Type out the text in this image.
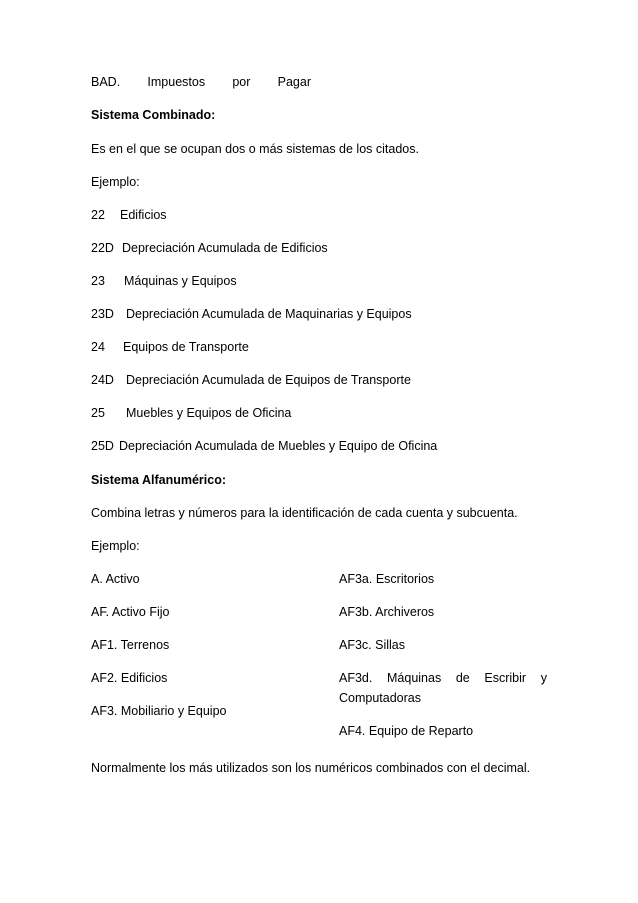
BAD. Impuestos por Pagar
Sistema Combinado:
Es en el que se ocupan dos o más sistemas de los citados.
Ejemplo:
22 Edificios
22D Depreciación Acumulada de Edificios
23 Máquinas y Equipos
23D Depreciación Acumulada de Maquinarias y Equipos
24 Equipos de Transporte
24D Depreciación Acumulada de Equipos de Transporte
25 Muebles y Equipos de Oficina
25D Depreciación Acumulada de Muebles y Equipo de Oficina
Sistema Alfanumérico:
Combina letras y números para la identificación de cada cuenta y subcuenta.
Ejemplo:
A. Activo
AF. Activo Fijo
AF1. Terrenos
AF2. Edificios
AF3. Mobiliario y Equipo
AF3a. Escritorios
AF3b. Archiveros
AF3c. Sillas
AF3d. Máquinas de Escribir y
Computadoras
AF4. Equipo de Reparto
Normalmente los más utilizados son los numéricos combinados con el decimal.
